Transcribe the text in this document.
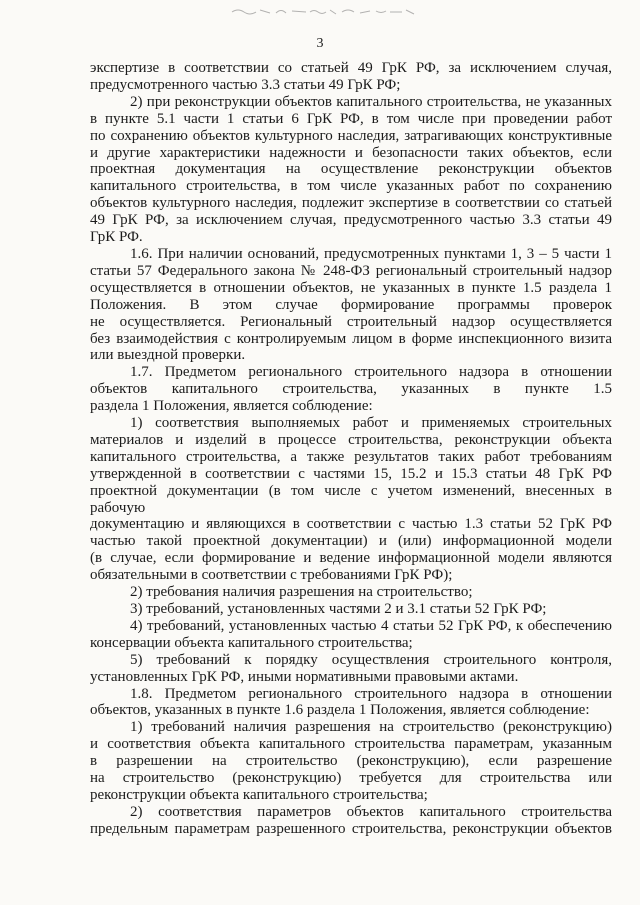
3
экспертизе в соответствии со статьей 49 ГрК РФ, за исключением случая,
предусмотренного частью 3.3 статьи 49 ГрК РФ;
2) при реконструкции объектов капитального строительства, не указанных
в пункте 5.1 части 1 статьи 6 ГрК РФ, в том числе при проведении работ
по сохранению объектов культурного наследия, затрагивающих конструктивные
и другие характеристики надежности и безопасности таких объектов, если
проектная документация на осуществление реконструкции объектов
капитального строительства, в том числе указанных работ по сохранению
объектов культурного наследия, подлежит экспертизе в соответствии со статьей
49 ГрК РФ, за исключением случая, предусмотренного частью 3.3 статьи 49
ГрК РФ.
1.6. При наличии оснований, предусмотренных пунктами 1, 3 – 5 части 1
статьи 57 Федерального закона № 248-ФЗ региональный строительный надзор
осуществляется в отношении объектов, не указанных в пункте 1.5 раздела 1
Положения. В этом случае формирование программы проверок
не осуществляется. Региональный строительный надзор осуществляется
без взаимодействия с контролируемым лицом в форме инспекционного визита
или выездной проверки.
1.7. Предметом регионального строительного надзора в отношении
объектов капитального строительства, указанных в пункте 1.5
раздела 1 Положения, является соблюдение:
1) соответствия выполняемых работ и применяемых строительных
материалов и изделий в процессе строительства, реконструкции объекта
капитального строительства, а также результатов таких работ требованиям
утвержденной в соответствии с частями 15, 15.2 и 15.3 статьи 48 ГрК РФ
проектной документации (в том числе с учетом изменений, внесенных в рабочую
документацию и являющихся в соответствии с частью 1.3 статьи 52 ГрК РФ
частью такой проектной документации) и (или) информационной модели
(в случае, если формирование и ведение информационной модели являются
обязательными в соответствии с требованиями ГрК РФ);
2) требования наличия разрешения на строительство;
3) требований, установленных частями 2 и 3.1 статьи 52 ГрК РФ;
4) требований, установленных частью 4 статьи 52 ГрК РФ, к обеспечению
консервации объекта капитального строительства;
5) требований к порядку осуществления строительного контроля,
установленных ГрК РФ, иными нормативными правовыми актами.
1.8. Предметом регионального строительного надзора в отношении
объектов, указанных в пункте 1.6 раздела 1 Положения, является соблюдение:
1) требований наличия разрешения на строительство (реконструкцию)
и соответствия объекта капитального строительства параметрам, указанным
в разрешении на строительство (реконструкцию), если разрешение
на строительство (реконструкцию) требуется для строительства или
реконструкции объекта капитального строительства;
2) соответствия параметров объектов капитального строительства
предельным параметрам разрешенного строительства, реконструкции объектов
